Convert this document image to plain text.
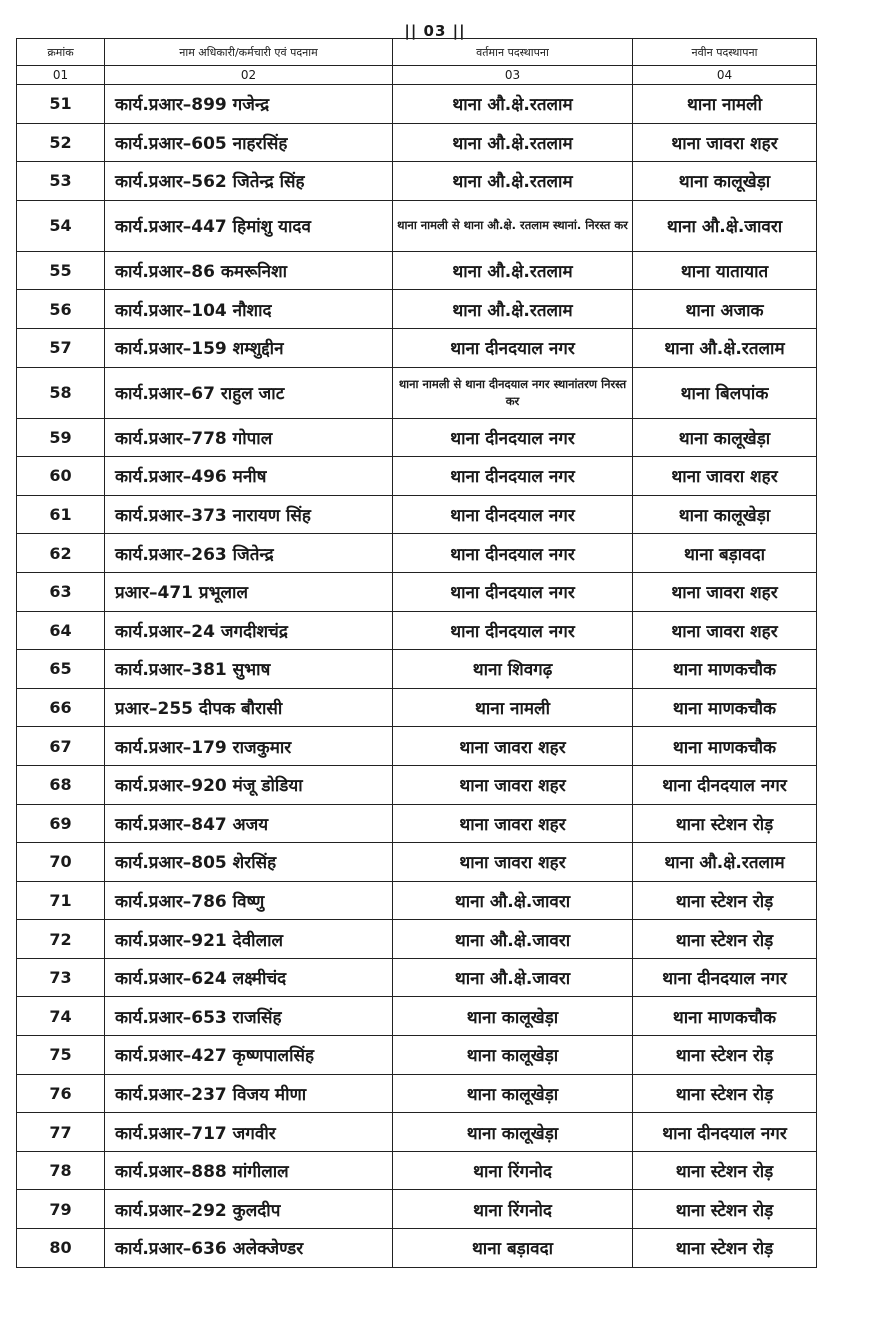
|| 03 ||
क्रमांक	नाम अधिकारी/कर्मचारी एवं पदनाम	वर्तमान पदस्थापना	नवीन पदस्थापना
01	02	03	04
51	कार्य.प्रआर–899 गजेन्द्र	थाना औ.क्षे.रतलाम	थाना नामली
52	कार्य.प्रआर–605 नाहरसिंह	थाना औ.क्षे.रतलाम	थाना जावरा शहर
53	कार्य.प्रआर–562 जितेन्द्र सिंह	थाना औ.क्षे.रतलाम	थाना कालूखेड़ा
54	कार्य.प्रआर–447 हिमांशु यादव	थाना नामली से थाना औ.क्षे. रतलाम स्थानां. निरस्त कर	थाना औ.क्षे.जावरा
55	कार्य.प्रआर–86 कमरूनिशा	थाना औ.क्षे.रतलाम	थाना यातायात
56	कार्य.प्रआर–104 नौशाद	थाना औ.क्षे.रतलाम	थाना अजाक
57	कार्य.प्रआर–159 शम्शुद्दीन	थाना दीनदयाल नगर	थाना औ.क्षे.रतलाम
58	कार्य.प्रआर–67 राहुल जाट	थाना नामली से थाना दीनदयाल नगर स्थानांतरण निरस्त कर	थाना बिलपांक
59	कार्य.प्रआर–778 गोपाल	थाना दीनदयाल नगर	थाना कालूखेड़ा
60	कार्य.प्रआर–496 मनीष	थाना दीनदयाल नगर	थाना जावरा शहर
61	कार्य.प्रआर–373 नारायण सिंह	थाना दीनदयाल नगर	थाना कालूखेड़ा
62	कार्य.प्रआर–263 जितेन्द्र	थाना दीनदयाल नगर	थाना बड़ावदा
63	प्रआर–471 प्रभूलाल	थाना दीनदयाल नगर	थाना जावरा शहर
64	कार्य.प्रआर–24 जगदीशचंद्र	थाना दीनदयाल नगर	थाना जावरा शहर
65	कार्य.प्रआर–381 सुभाष	थाना शिवगढ़	थाना माणकचौक
66	प्रआर–255 दीपक बौरासी	थाना नामली	थाना माणकचौक
67	कार्य.प्रआर–179 राजकुमार	थाना जावरा शहर	थाना माणकचौक
68	कार्य.प्रआर–920 मंजू डोडिया	थाना जावरा शहर	थाना दीनदयाल नगर
69	कार्य.प्रआर–847 अजय	थाना जावरा शहर	थाना स्टेशन रोड़
70	कार्य.प्रआर–805 शेरसिंह	थाना जावरा शहर	थाना औ.क्षे.रतलाम
71	कार्य.प्रआर–786 विष्णु	थाना औ.क्षे.जावरा	थाना स्टेशन रोड़
72	कार्य.प्रआर–921 देवीलाल	थाना औ.क्षे.जावरा	थाना स्टेशन रोड़
73	कार्य.प्रआर–624 लक्ष्मीचंद	थाना औ.क्षे.जावरा	थाना दीनदयाल नगर
74	कार्य.प्रआर–653 राजसिंह	थाना कालूखेड़ा	थाना माणकचौक
75	कार्य.प्रआर–427 कृष्णपालसिंह	थाना कालूखेड़ा	थाना स्टेशन रोड़
76	कार्य.प्रआर–237 विजय मीणा	थाना कालूखेड़ा	थाना स्टेशन रोड़
77	कार्य.प्रआर–717 जगवीर	थाना कालूखेड़ा	थाना दीनदयाल नगर
78	कार्य.प्रआर–888 मांगीलाल	थाना रिंगनोद	थाना स्टेशन रोड़
79	कार्य.प्रआर–292 कुलदीप	थाना रिंगनोद	थाना स्टेशन रोड़
80	कार्य.प्रआर–636 अलेक्जेण्डर	थाना बड़ावदा	थाना स्टेशन रोड़
